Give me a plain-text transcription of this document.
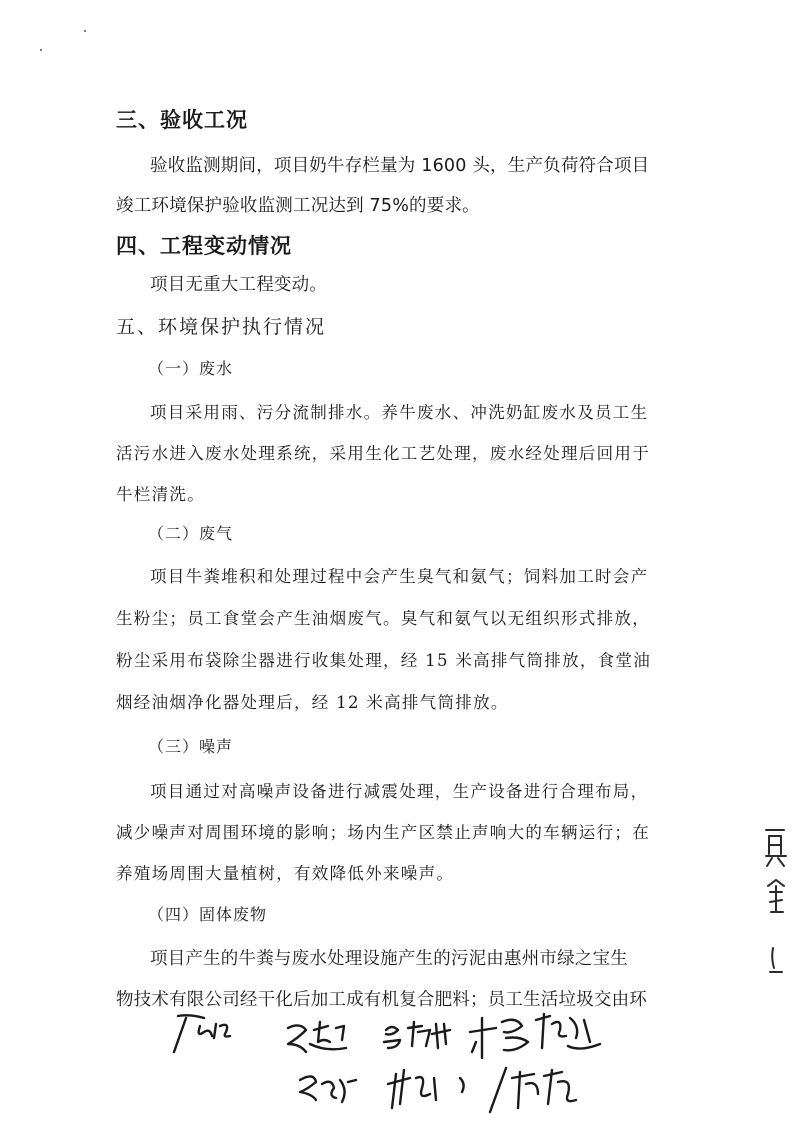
三、验收工况
验收监测期间，项目奶牛存栏量为 1600 头，生产负荷符合项目
竣工环境保护验收监测工况达到 75%的要求。
四、工程变动情况
项目无重大工程变动。
五、环境保护执行情况
（一）废水
项目采用雨、污分流制排水。养牛废水、冲洗奶缸废水及员工生
活污水进入废水处理系统，采用生化工艺处理，废水经处理后回用于
牛栏清洗。
（二）废气
项目牛粪堆积和处理过程中会产生臭气和氨气；饲料加工时会产
生粉尘；员工食堂会产生油烟废气。臭气和氨气以无组织形式排放，
粉尘采用布袋除尘器进行收集处理，经 15 米高排气筒排放，食堂油
烟经油烟净化器处理后，经 12 米高排气筒排放。
（三）噪声
项目通过对高噪声设备进行减震处理，生产设备进行合理布局，
减少噪声对周围环境的影响；场内生产区禁止声响大的车辆运行；在
养殖场周围大量植树，有效降低外来噪声。
（四）固体废物
项目产生的牛粪与废水处理设施产生的污泥由惠州市绿之宝生
物技术有限公司经干化后加工成有机复合肥料；员工生活垃圾交由环
